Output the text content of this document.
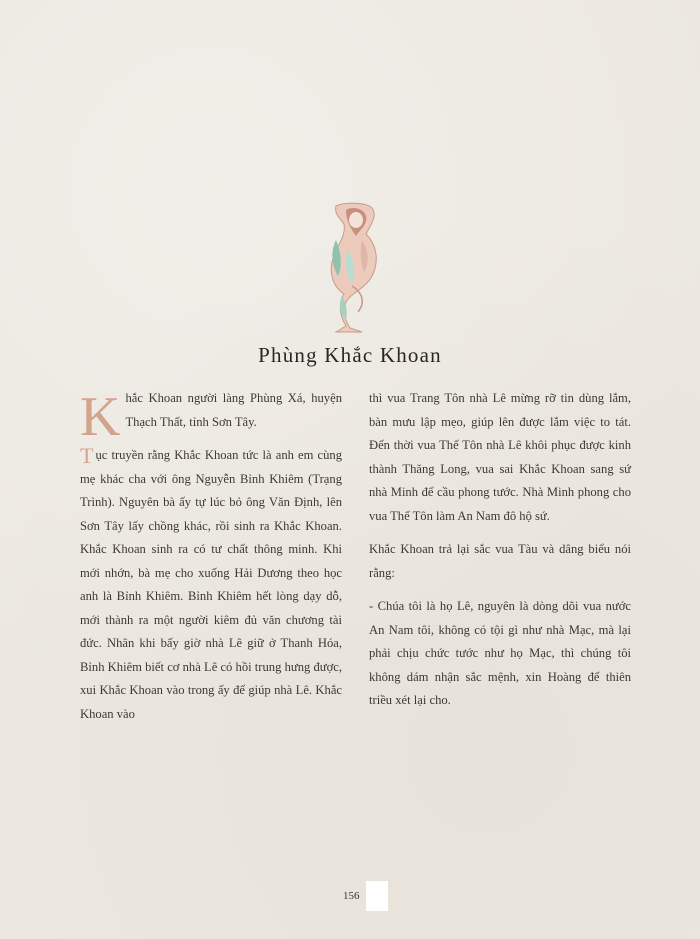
Phùng Khắc Khoan

Khắc Khoan người làng Phùng Xá, huyện Thạch Thất, tỉnh Sơn Tây.

Tục truyền rằng Khắc Khoan tức là anh em cùng mẹ khác cha với ông Nguyễn Bỉnh Khiêm (Trạng Trình). Nguyên bà ấy tự lúc bỏ ông Văn Định, lên Sơn Tây lấy chồng khác, rồi sinh ra Khắc Khoan. Khắc Khoan sinh ra có tư chất thông minh. Khi mới nhớn, bà mẹ cho xuống Hải Dương theo học anh là Bỉnh Khiêm. Bỉnh Khiêm hết lòng dạy dỗ, mới thành ra một người kiêm đủ văn chương tài đức. Nhân khi bấy giờ nhà Lê giữ ở Thanh Hóa, Bỉnh Khiêm biết cơ nhà Lê có hồi trung hưng được, xui Khắc Khoan vào trong ấy để giúp nhà Lê. Khắc Khoan vào

thì vua Trang Tôn nhà Lê mừng rỡ tin dùng lắm, bàn mưu lập mẹo, giúp lên được lắm việc to tát. Đến thời vua Thế Tôn nhà Lê khôi phục được kinh thành Thăng Long, vua sai Khắc Khoan sang sứ nhà Minh để cầu phong tước. Nhà Minh phong cho vua Thế Tôn làm An Nam đô hộ sứ.

Khắc Khoan trả lại sắc vua Tàu và dâng biểu nói rằng:

- Chúa tôi là họ Lê, nguyên là dòng dõi vua nước An Nam tôi, không có tội gì như nhà Mạc, mà lại phải chịu chức tước như họ Mạc, thì chúng tôi không dám nhận sắc mệnh, xin Hoàng đế thiên triều xét lại cho.

156
